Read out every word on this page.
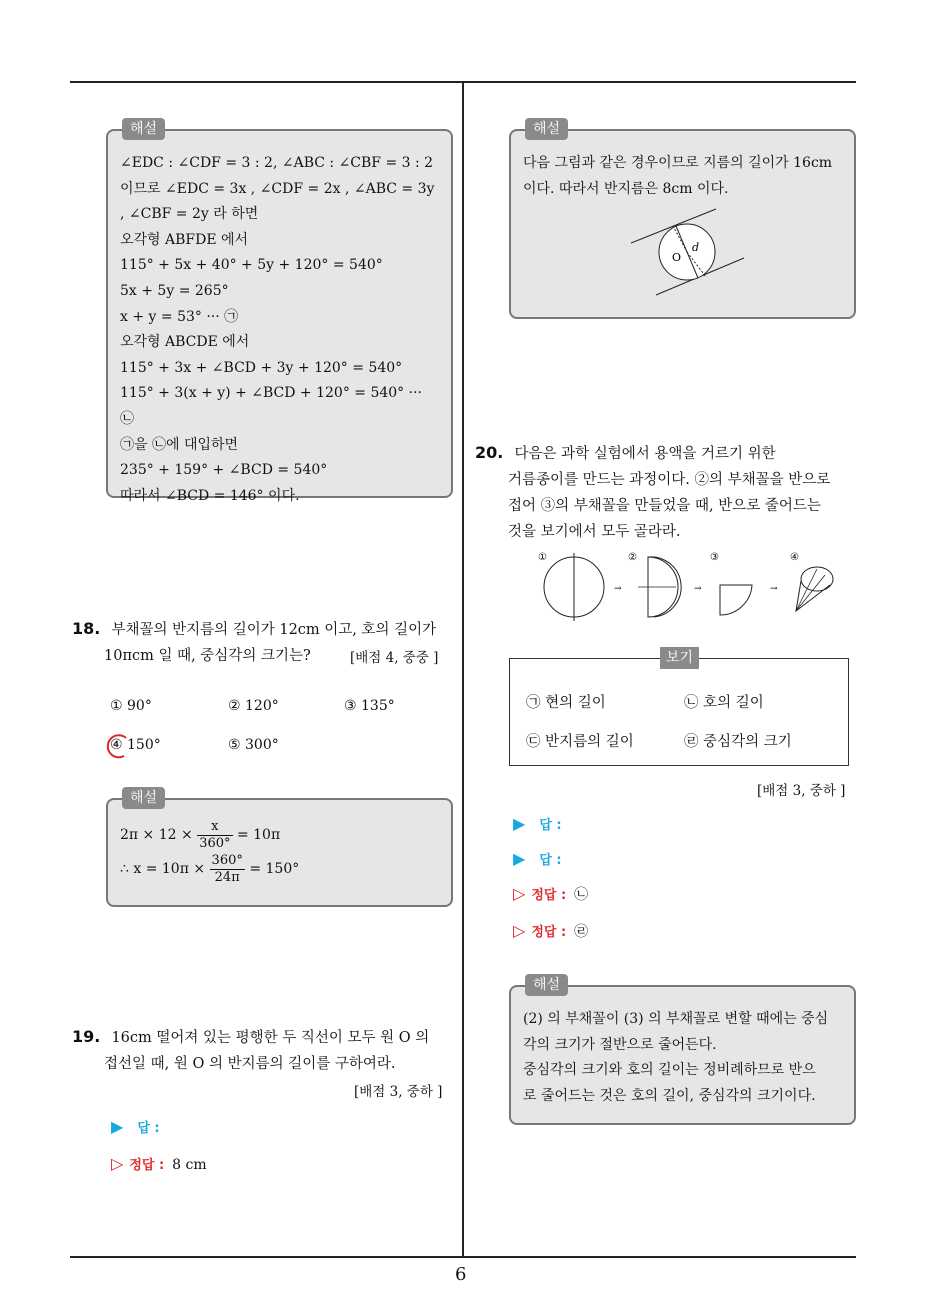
6
해설
∠EDC : ∠CDF = 3 : 2, ∠ABC : ∠CBF = 3 : 2
이므로 ∠EDC = 3x , ∠CDF = 2x , ∠ABC = 3y
, ∠CBF = 2y 라 하면
오각형 ABFDE 에서
115° + 5x + 40° + 5y + 120° = 540°
5x + 5y = 265°
x + y = 53° ··· ㉠
오각형 ABCDE 에서
115° + 3x + ∠BCD + 3y + 120° = 540°
115° + 3(x + y) + ∠BCD + 120° = 540° ··· ㉡
㉠을 ㉡에 대입하면
235° + 159° + ∠BCD = 540°
따라서 ∠BCD = 146° 이다.
18. 부채꼴의 반지름의 길이가 12cm 이고, 호의 길이가
10πcm 일 때, 중심각의 크기는?	[배점 4, 중중 ]
① 90°	② 120°	③ 135°
④ 150°	⑤ 300°
해설
$2\pi \times 12 \times \frac{x}{360^\circ} = 10\pi$
∴ $x = 10\pi \times \frac{360^\circ}{24\pi} = 150^\circ$
19. 16cm 떨어져 있는 평행한 두 직선이 모두 원 O 의
접선일 때, 원 O 의 반지름의 길이를 구하여라.
[배점 3, 중하 ]
▶ 답 :
▷ 정답 : 8 cm
해설
다음 그림과 같은 경우이므로 지름의 길이가 16cm
이다. 따라서 반지름은 8cm 이다.
O
d
20. 다음은 과학 실험에서 용액을 거르기 위한
거름종이를 만드는 과정이다. ②의 부채꼴을 반으로
접어 ③의 부채꼴을 만들었을 때, 반으로 줄어드는
것을 보기에서 모두 골라라.
①	②	③	④
→	→	→
보기
㉠ 현의 길이	㉡ 호의 길이
㉢ 반지름의 길이	㉣ 중심각의 크기
[배점 3, 중하 ]
▶ 답 :
▶ 답 :
▷ 정답 : ㉡
▷ 정답 : ㉣
해설
(2) 의 부채꼴이 (3) 의 부채꼴로 변할 때에는 중심
각의 크기가 절반으로 줄어든다.
중심각의 크기와 호의 길이는 정비례하므로 반으
로 줄어드는 것은 호의 길이, 중심각의 크기이다.
